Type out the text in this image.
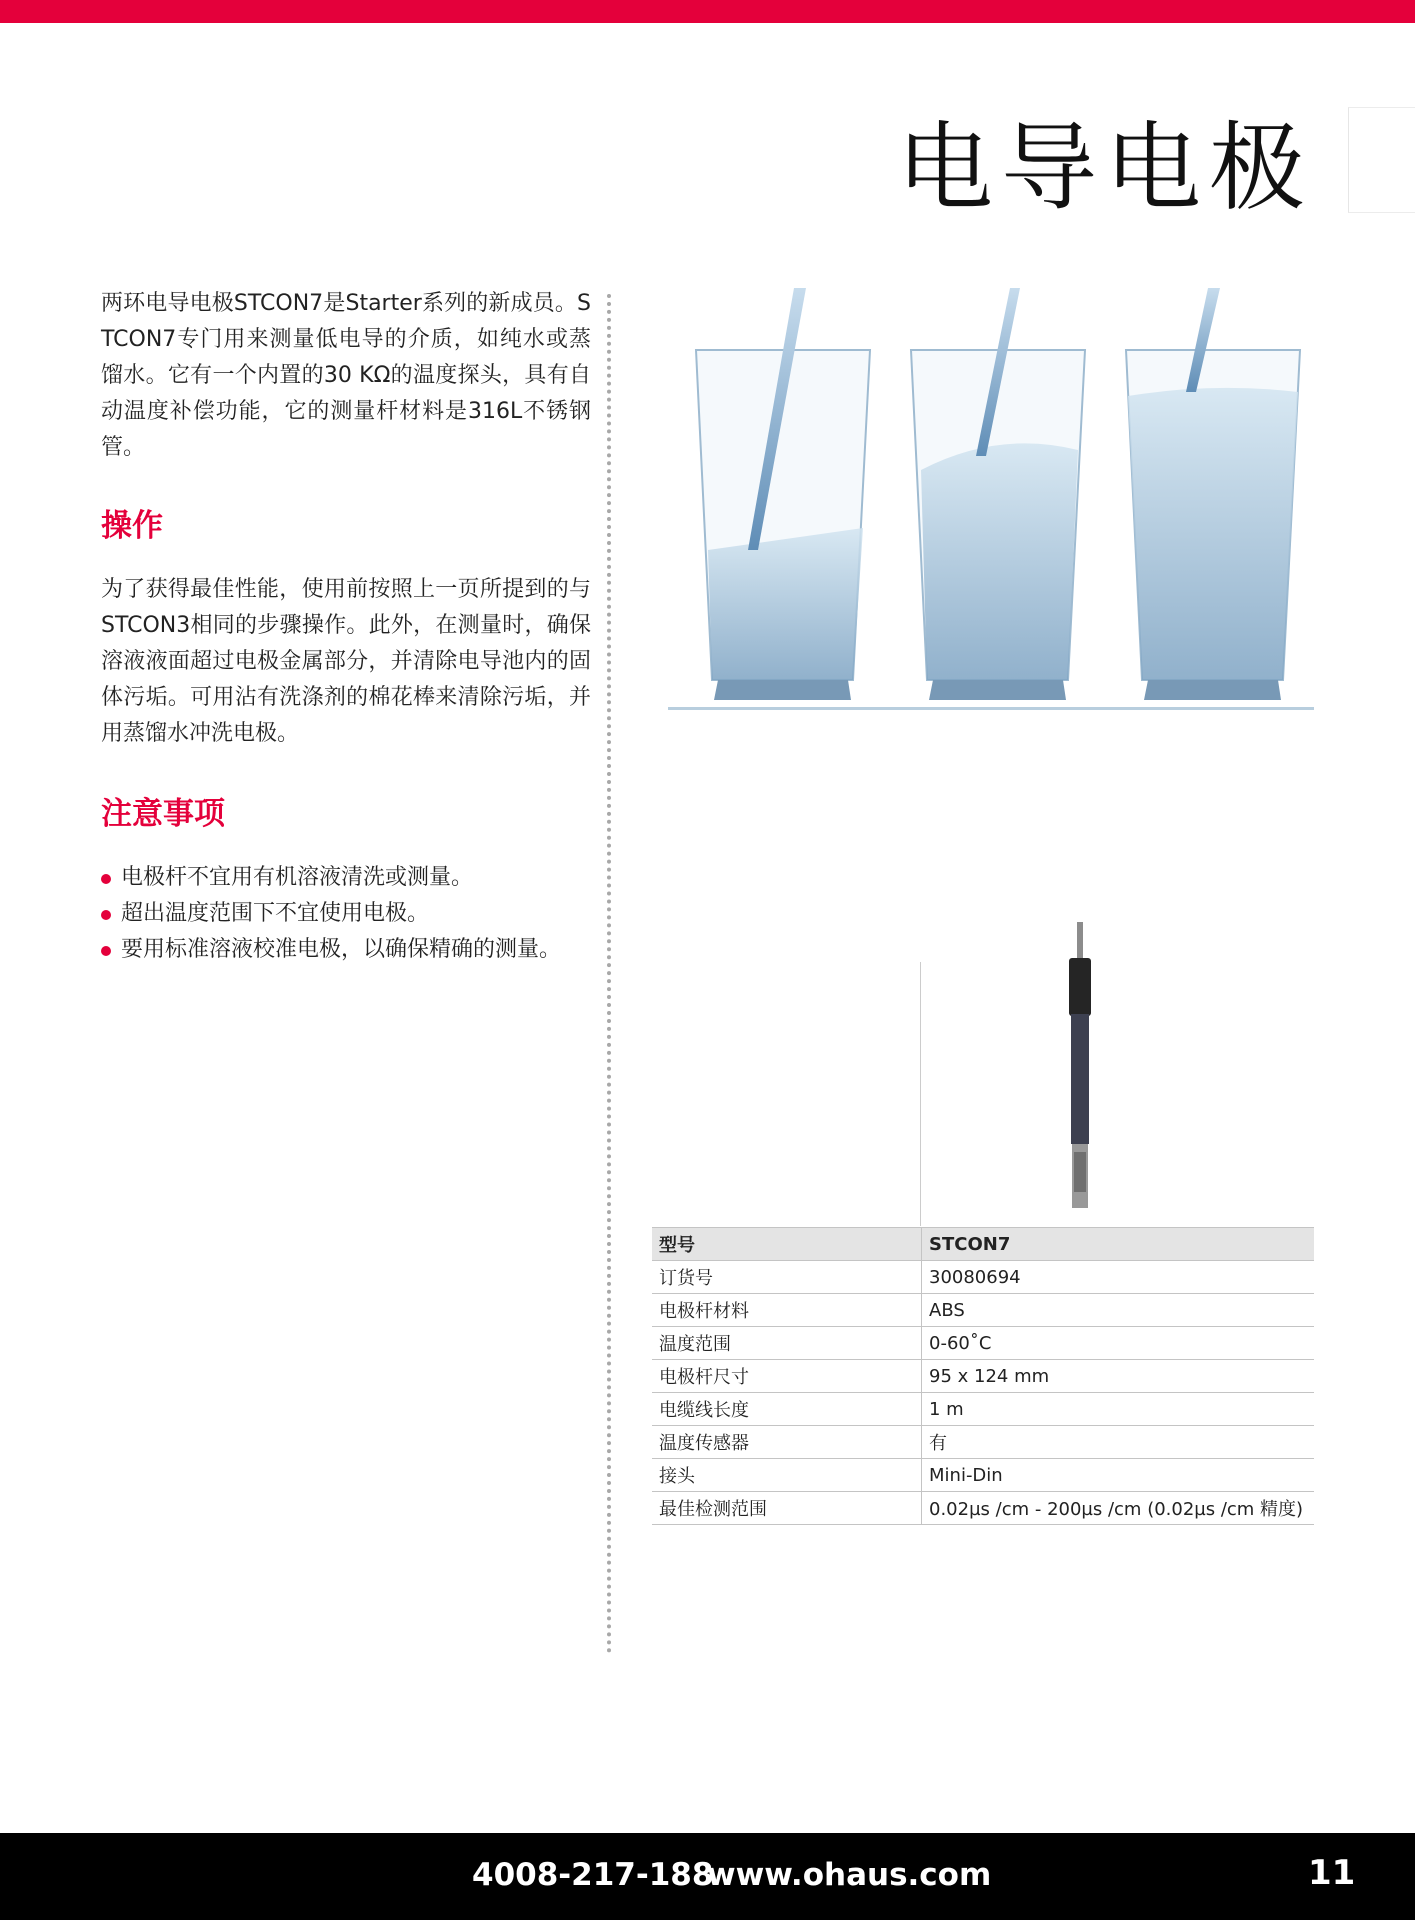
电导电极

两环电导电极STCON7是Starter系列的新成员。STCON7专门用来测量低电导的介质，如纯水或蒸馏水。它有一个内置的30 KΩ的温度探头，具有自动温度补偿功能，它的测量杆材料是316L不锈钢管。

操作

为了获得最佳性能，使用前按照上一页所提到的与STCON3相同的步骤操作。此外，在测量时，确保溶液液面超过电极金属部分，并清除电导池内的固体污垢。可用沾有洗涤剂的棉花棒来清除污垢，并用蒸馏水冲洗电极。

注意事项
电极杆不宜用有机溶液清洗或测量。
超出温度范围下不宜使用电极。
要用标准溶液校准电极，以确保精确的测量。
型号	STCON7
订货号	30080694
电极杆材料	ABS
温度范围	0-60˚C
电极杆尺寸	95 x 124 mm
电缆线长度	1 m
温度传感器	有
接头	Mini-Din
最佳检测范围	0.02µs /cm - 200µs /cm (0.02µs /cm 精度)
4008-217-188
www.ohaus.com	11
